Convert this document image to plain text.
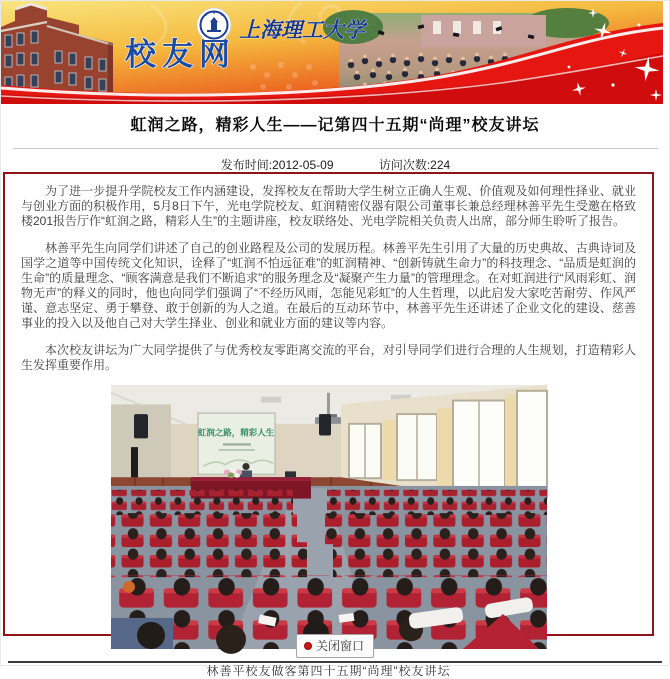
上海理工大学
校友网
虹润之路，精彩人生——记第四十五期“尚理”校友讲坛
发布时间:2012-05-09	访问次数:224

为了进一步提升学院校友工作内涵建设，发挥校友在帮助大学生树立正确人生观、价值观及如何理性择业、就业与创业方面的积极作用，5月8日下午，光电学院校友、虹润精密仪器有限公司董事长兼总经理林善平先生受邀在格致楼201报告厅作“虹润之路，精彩人生”的主题讲座，校友联络处、光电学院相关负责人出席，部分师生聆听了报告。

林善平先生向同学们讲述了自己的创业路程及公司的发展历程。林善平先生引用了大量的历史典故、古典诗词及国学之道等中国传统文化知识，诠释了“虹润不怕远征难”的虹润精神、“创新铸就生命力”的科技理念、“品质是虹润的生命”的质量理念、“顾客满意是我们不断追求”的服务理念及“凝聚产生力量”的管理理念。在对虹润进行“风雨彩虹、润物无声”的释义的同时，他也向同学们强调了“不经历风雨，怎能见彩虹”的人生哲理，以此启发大家吃苦耐劳、作风严谨、意志坚定、勇于攀登、敢于创新的为人之道。在最后的互动环节中，林善平先生还讲述了企业文化的建设、慈善事业的投入以及他自己对大学生择业、创业和就业方面的建议等内容。

本次校友讲坛为广大同学提供了与优秀校友零距离交流的平台，对引导同学们进行合理的人生规划，打造精彩人生发挥重要作用。

虹润之路，精彩人生
林善平校友做客第四十五期“尚理”校友讲坛
关闭窗口
